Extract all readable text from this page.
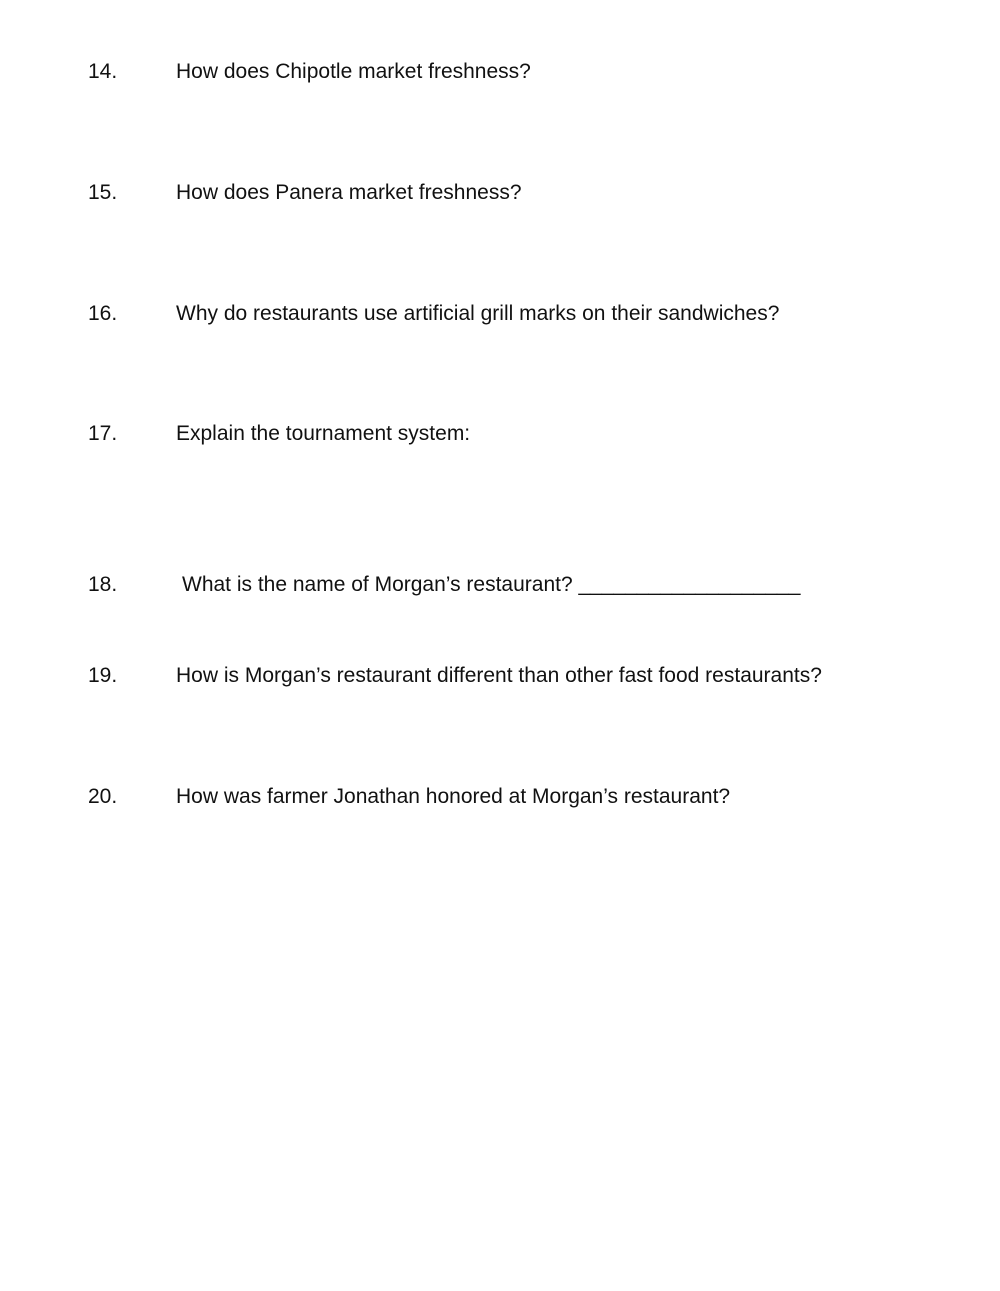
14.	How does Chipotle market freshness?
15.	How does Panera market freshness?
16.	Why do restaurants use artificial grill marks on their sandwiches?
17.	Explain the tournament system:
18.	What is the name of Morgan’s restaurant? ___________________
19.	How is Morgan’s restaurant different than other fast food restaurants?
20.	How was farmer Jonathan honored at Morgan’s restaurant?
